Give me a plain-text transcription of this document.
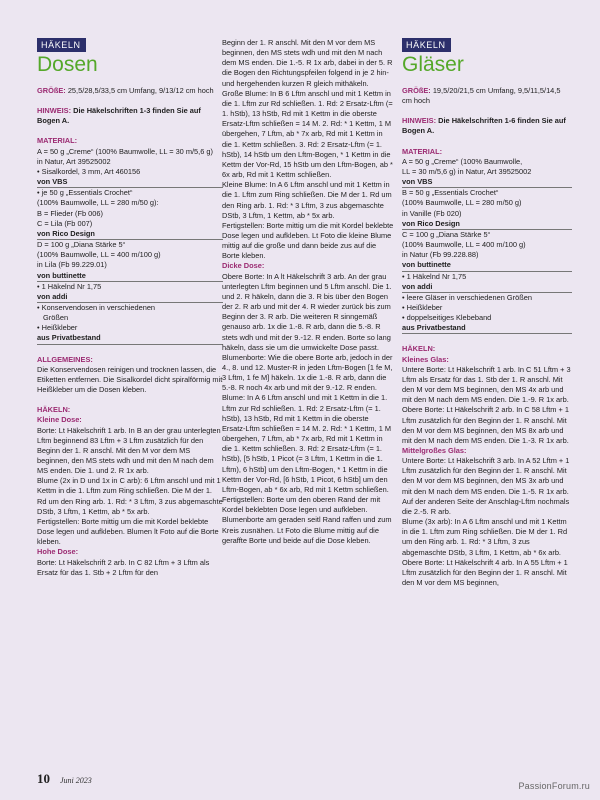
HÄKELN
Dosen

GRÖßE: 25,5/28,5/33,5 cm Umfang, 9/13/12 cm hoch

HINWEIS: Die Häkelschriften 1-3 finden Sie auf Bogen A.

MATERIAL:

A = 50 g „Creme“ (100% Baumwolle, LL = 30 m/5,6 g)

in Natur, Art 39525002

• Sisalkordel, 3 mm, Art 460156

von VBS

• je 50 g „Essentials Crochet“

(100% Baumwolle, LL = 280 m/50 g):

B = Flieder (Fb 006)

C = Lila (Fb 007)

von Rico Design

D = 100 g „Diana Stärke 5“

(100% Baumwolle, LL = 400 m/100 g)

in Lila (Fb 99.229.01)

von buttinette

• 1 Häkelnd Nr 1,75

von addi

• Konservendosen in verschiedenen

Größen

• Heißkleber

aus Privatbestand

ALLGEMEINES:

Die Konservendosen reinigen und trocknen lassen, die Etiketten entfernen. Die Sisalkordel dicht spiralförmig mit Heißkleber um die Dosen kleben.

HÄKELN:

Kleine Dose:

Borte: Lt Häkelschrift 1 arb. In B an der grau unterlegten Lftm beginnend 83 Lftm + 3 Lftm zusätzlich für den Beginn der 1. R anschl. Mit den M vor dem MS beginnen, den MS stets wdh und mit den M nach dem MS enden. Die 1. und 2. R 1x arb.

Blume (2x in D und 1x in C arb): 6 Lftm anschl und mit 1 Kettm in die 1. Lftm zum Ring schließen. Die M der 1. Rd um den Ring arb. 1. Rd: * 3 Lftm, 3 zus abgemaschte DStb, 3 Lftm, 1 Kettm, ab * 5x arb.

Fertigstellen: Borte mittig um die mit Kordel beklebte Dose legen und aufkleben. Blumen lt Foto auf die Borte kleben.

Hohe Dose:

Borte: Lt Häkelschrift 2 arb. In C 82 Lftm + 3 Lftm als Ersatz für das 1. Stb + 2 Lftm für den

Beginn der 1. R anschl. Mit den M vor dem MS beginnen, den MS stets wdh und mit den M nach dem MS enden. Die 1.-5. R 1x arb, dabei in der 5. R die Bogen den Richtungspfeilen folgend in je 2 hin- und hergehenden kurzen R gleich mithäkeln.

Große Blume: In B 6 Lftm anschl und mit 1 Kettm in die 1. Lftm zur Rd schließen. 1. Rd: 2 Ersatz-Lftm (= 1. hStb), 13 hStb, Rd mit 1 Kettm in die oberste Ersatz-Lftm schließen = 14 M. 2. Rd: * 1 Kettm, 1 M übergehen, 7 Lftm, ab * 7x arb, Rd mit 1 Kettm in die 1. Kettm schließen. 3. Rd: 2 Ersatz-Lftm (= 1. hStb), 14 hStb um den Lftm-Bogen, * 1 Kettm in die Kettm der Vor-Rd, 15 hStb um den Lftm-Bogen, ab * 6x arb, Rd mit 1 Kettm schließen.

Kleine Blume: In A 6 Lftm anschl und mit 1 Kettm in die 1. Lftm zum Ring schließen. Die M der 1. Rd um den Ring arb. 1. Rd: * 3 Lftm, 3 zus abgemaschte DStb, 3 Lftm, 1 Kettm, ab * 5x arb.

Fertigstellen: Borte mittig um die mit Kordel beklebte Dose legen und aufkleben. Lt Foto die kleine Blume mittig auf die große und dann beide zus auf die Borte kleben.

Dicke Dose:

Obere Borte: In A lt Häkelschrift 3 arb. An der grau unterlegten Lftm beginnen und 5 Lftm anschl. Die 1. und 2. R häkeln, dann die 3. R bis über den Bogen der 2. R arb und mit der 4. R wieder zurück bis zum Beginn der 3. R arb. Die weiteren R sinngemäß genauso arb. 1x die 1.-8. R arb, dann die 5.-8. R stets wdh und mit der 9.-12. R enden. Borte so lang häkeln, dass sie um die umwickelte Dose passt.

Blumenborte: Wie die obere Borte arb, jedoch in der 4., 8. und 12. Muster-R in jeden Lftm-Bogen [1 fe M, 3 Lftm, 1 fe M] häkeln. 1x die 1.-8. R arb, dann die 5.-8. R noch 4x arb und mit der 9.-12. R enden.

Blume: In A 6 Lftm anschl und mit 1 Kettm in die 1. Lftm zur Rd schließen. 1. Rd: 2 Ersatz-Lftm (= 1. hStb), 13 hStb, Rd mit 1 Kettm in die oberste Ersatz-Lftm schließen = 14 M. 2. Rd: * 1 Kettm, 1 M übergehen, 7 Lftm, ab * 7x arb, Rd mit 1 Kettm in die 1. Kettm schließen. 3. Rd: 2 Ersatz-Lftm (= 1. hStb), [5 hStb, 1 Picot (= 3 Lftm, 1 Kettm in die 1. Lftm), 6 hStb] um den Lftm-Bogen, * 1 Kettm in die Kettm der Vor-Rd, [6 hStb, 1 Picot, 6 hStb] um den Lftm-Bogen, ab * 6x arb, Rd mit 1 Kettm schließen.

Fertigstellen: Borte um den oberen Rand der mit Kordel beklebten Dose legen und aufkleben. Blumenborte am geraden seitl Rand raffen und zum Kreis zusnähen. Lt Foto die Blume mittig auf die geraffte Borte und beide auf die Dose kleben.

HÄKELN
Gläser

GRÖßE: 19,5/20/21,5 cm Umfang, 9,5/11,5/14,5 cm hoch

HINWEIS: Die Häkelschriften 1-6 finden Sie auf Bogen A.

MATERIAL:

A = 50 g „Creme“ (100% Baumwolle,

LL = 30 m/5,6 g) in Natur, Art 39525002

von VBS

B = 50 g „Essentials Crochet“

(100% Baumwolle, LL = 280 m/50 g)

in Vanille (Fb 020)

von Rico Design

C = 100 g „Diana Stärke 5“

(100% Baumwolle, LL = 400 m/100 g)

in Natur (Fb 99.228.88)

von buttinette

• 1 Häkelnd Nr 1,75

von addi

• leere Gläser in verschiedenen Größen

• Heißkleber

• doppelseitiges Klebeband

aus Privatbestand

HÄKELN:

Kleines Glas:

Untere Borte: Lt Häkelschrift 1 arb. In C 51 Lftm + 3 Lftm als Ersatz für das 1. Stb der 1. R anschl. Mit den M vor dem MS beginnen, den MS 4x arb und mit den M nach dem MS enden. Die 1.-9. R 1x arb.

Obere Borte: Lt Häkelschrift 2 arb. In C 58 Lftm + 1 Lftm zusätzlich für den Beginn der 1. R anschl. Mit den M vor dem MS beginnen, den MS 8x arb und mit den M nach dem MS enden. Die 1.-3. R 1x arb.

Mittelgroßes Glas:

Untere Borte: Lt Häkelschrift 3 arb. In A 52 Lftm + 1 Lftm zusätzlich für den Beginn der 1. R anschl. Mit den M vor dem MS beginnen, den MS 3x arb und mit den M nach dem MS enden. Die 1.-5. R 1x arb. Auf der anderen Seite der Anschlag-Lftm nochmals die 2.-5. R arb.

Blume (3x arb): In A 6 Lftm anschl und mit 1 Kettm in die 1. Lftm zum Ring schließen. Die M der 1. Rd um den Ring arb. 1. Rd: * 3 Lftm, 3 zus abgemaschte DStb, 3 Lftm, 1 Kettm, ab * 6x arb.

Obere Borte: Lt Häkelschrift 4 arb. In A 55 Lftm + 1 Lftm zusätzlich für den Beginn der 1. R anschl. Mit den M vor dem MS beginnen,

10 Juni 2023
PassionForum.ru
